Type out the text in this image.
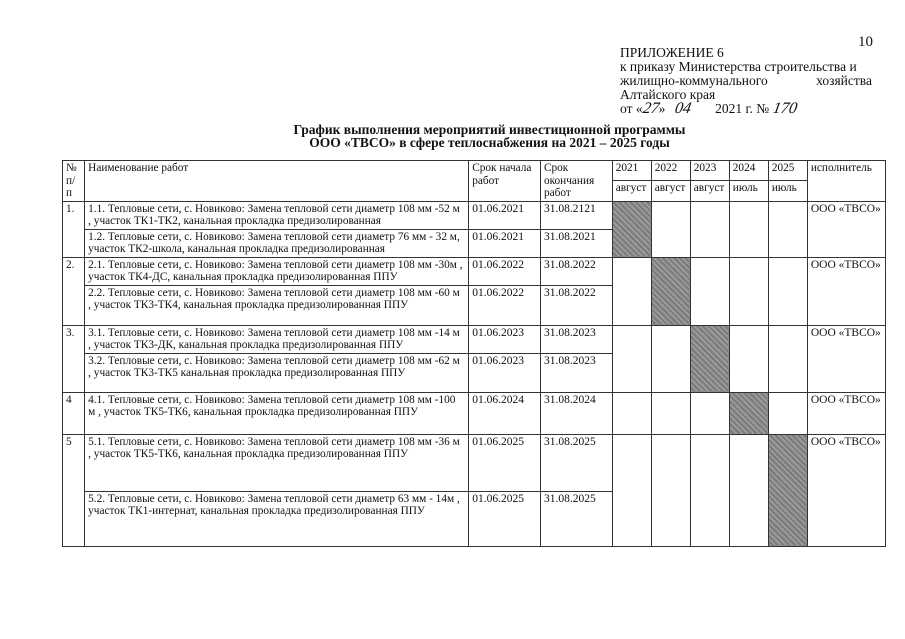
10
ПРИЛОЖЕНИЕ 6
к приказу Министерства строительства и
жилищно-коммунального	хозяйства
Алтайского края
от «27» 04 2021 г. № 170
График выполнения мероприятий инвестиционной программы
ООО «ТВСО» в сфере теплоснабжения на 2021 – 2025 годы
№ п/п	Наименование работ	Срок начала работ	Срок окончания работ	2021	2022	2023	2024	2025	исполнитель
				август	август	август	июль	июль	
1.	1.1. Тепловые сети, с. Новиково: Замена тепловой сети диаметр 108 мм -52 м , участок ТК1-ТК2, канальная прокладка предизолированная	01.06.2021	31.08.2121						ООО «ТВСО»
	1.2. Тепловые сети, с. Новиково: Замена тепловой сети диаметр 76 мм - 32 м, участок ТК2-школа, канальная прокладка предизолированная	01.06.2021	31.08.2021						
2.	2.1. Тепловые сети, с. Новиково: Замена тепловой сети диаметр 108 мм -30м , участок ТК4-ДС, канальная прокладка предизолированная ППУ	01.06.2022	31.08.2022						ООО «ТВСО»
	2.2. Тепловые сети, с. Новиково: Замена тепловой сети диаметр 108 мм -60 м , участок ТК3-ТК4, канальная прокладка предизолированная ППУ	01.06.2022	31.08.2022						
3.	3.1. Тепловые сети, с. Новиково: Замена тепловой сети диаметр 108 мм -14 м , участок ТК3-ДК, канальная прокладка предизолированная ППУ	01.06.2023	31.08.2023						ООО «ТВСО»
	3.2. Тепловые сети, с. Новиково: Замена тепловой сети диаметр 108 мм -62 м , участок ТК3-ТК5 канальная прокладка предизолированная ППУ	01.06.2023	31.08.2023						
4	4.1. Тепловые сети, с. Новиково: Замена тепловой сети диаметр 108 мм -100 м , участок ТК5-ТК6, канальная прокладка предизолированная ППУ	01.06.2024	31.08.2024						ООО «ТВСО»
5	5.1. Тепловые сети, с. Новиково: Замена тепловой сети диаметр 108 мм -36 м , участок ТК5-ТК6, канальная прокладка предизолированная ППУ	01.06.2025	31.08.2025						ООО «ТВСО»
	5.2. Тепловые сети, с. Новиково: Замена тепловой сети диаметр 63 мм - 14м , участок ТК1-интернат, канальная прокладка предизолированная ППУ	01.06.2025	31.08.2025						
